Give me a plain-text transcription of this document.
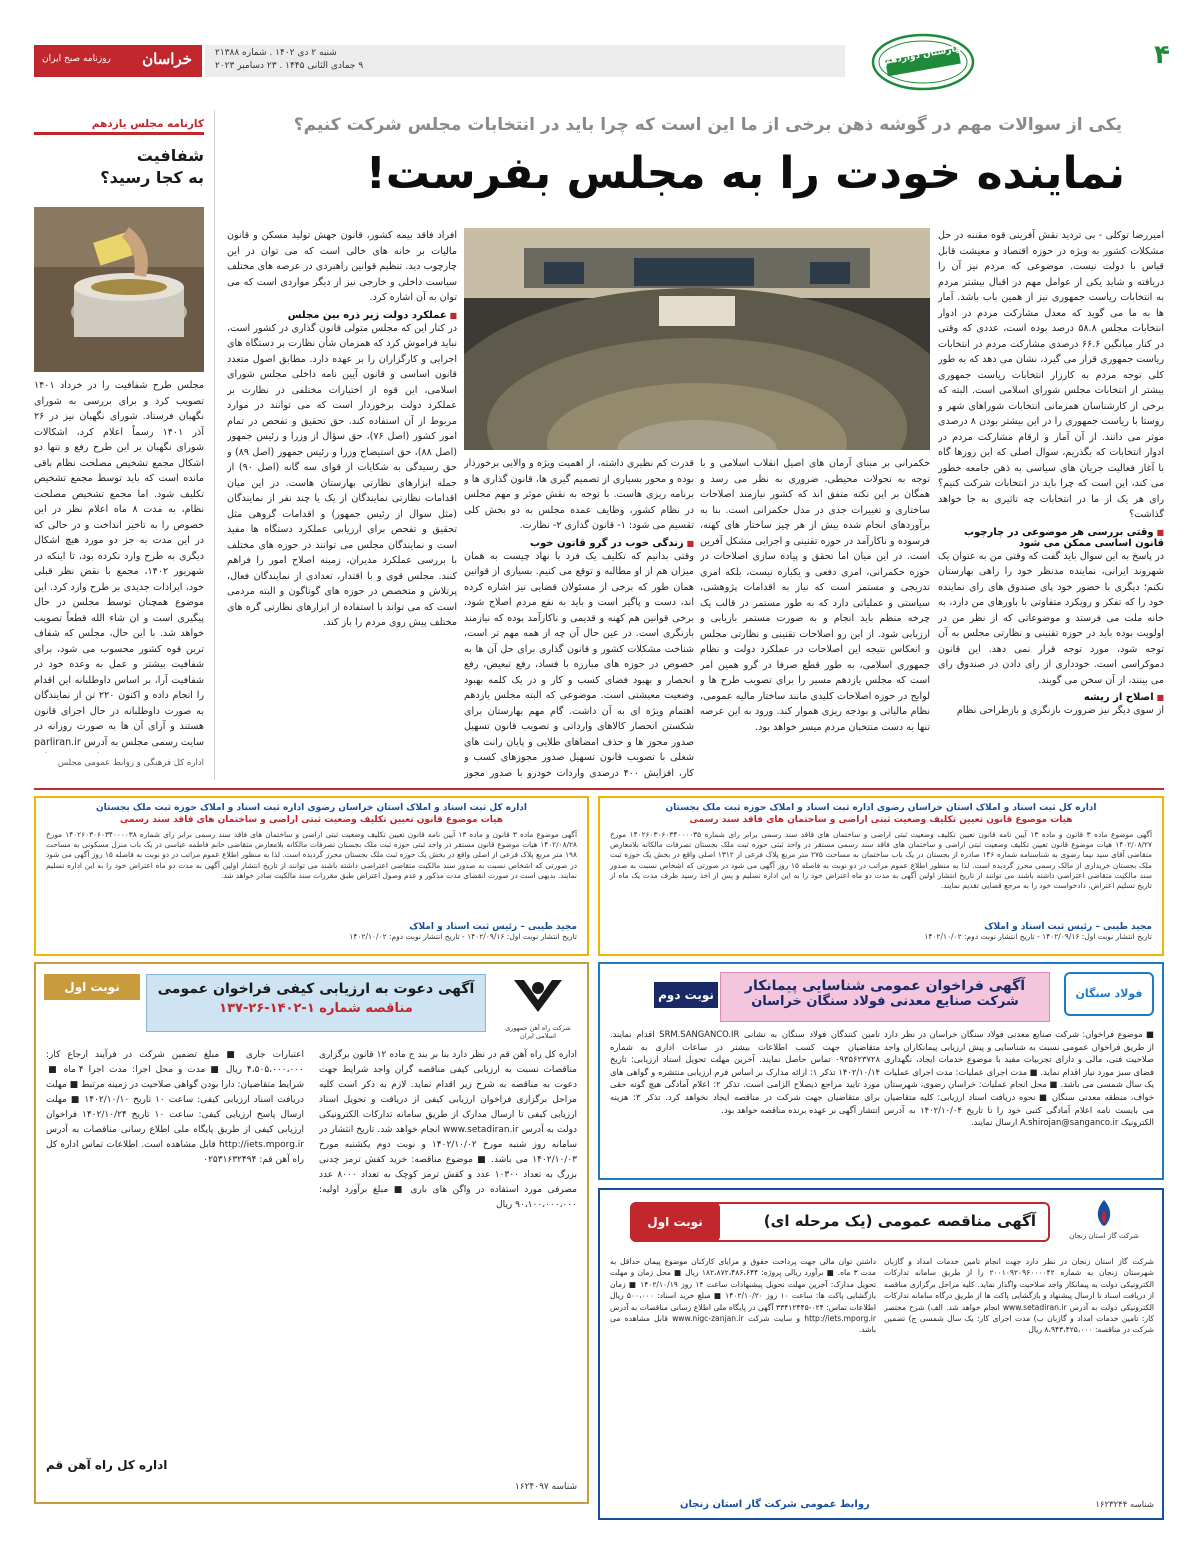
خراسان
روزنامه صبح ایران
شنبه ۲ دی ۱۴۰۲ . شماره ۲۱۳۸۸
۹ جمادی الثانی ۱۴۴۵ . ۲۳ دسامبر ۲۰۲۳	بهارستان دوازدهم	۴
یکی از سوالات مهم در گوشه ذهن برخی از ما این است که چرا باید در انتخابات مجلس شرکت کنیم؟
نماینده خودت را به مجلس بفرست!
کارنامه مجلس یازدهم
شفافیت
به کجا رسید؟
مجلس طرح شفافیت را در خرداد ۱۴۰۱ تصویب کرد و برای بررسی به شورای نگهبان فرستاد. شورای نگهبان نیز در ۲۶ آذر ۱۴۰۱ رسماً اعلام کرد، اشکالات شورای نگهبان بر این طرح رفع و تنها دو اشکال مجمع تشخیص مصلحت نظام باقی مانده است که باید توسط مجمع تشخیص تکلیف شود. اما مجمع تشخیص مصلحت نظام، به مدت ۸ ماه اعلام نظر در این خصوص را به تاخیر انداخت و در حالی که در این مدت به جز دو مورد هیچ اشکال دیگری به طرح وارد نکرده بود، تا اینکه در شهریور ۱۴۰۲، مجمع با نقض نظر قبلی خود، ایرادات جدیدی بر طرح وارد کرد. این موضوع همچنان توسط مجلس در حال پیگیری است و ان شاء الله قطعاً تصویب خواهد شد. با این حال، مجلس که شفاف ترین قوه کشور محسوب می شود، برای شفافیت بیشتر و عمل به وعده خود در شفافیت آرا، بر اساس داوطلبانه این اقدام را انجام داده و اکنون ۲۲۰ تن از نمایندگان به صورت داوطلبانه در حال اجرای قانون هستند و آرای آن ها به صورت روزانه در سایت رسمی مجلس به آدرس parliran.ir
اداره کل فرهنگی و روابط عمومی مجلس
امیررضا توکلی - بی تردید نقش آفرینی قوه مقننه در حل مشکلات کشور به ویژه در حوزه اقتصاد و معیشت قابل قیاس با دولت نیست. موضوعی که مردم نیز آن را دریافته و شاید یکی از عوامل مهم در اقبال بیشتر مردم به انتخابات ریاست جمهوری نیز از همین باب باشد. آمار ها به ما می گوید که معدل مشارکت مردم در ادوار انتخابات مجلس ۵۸.۸ درصد بوده است، عددی که وقتی در کنار میانگین ۶۶.۶ درصدی مشارکت مردم در انتخابات ریاست جمهوری قرار می گیرد، نشان می دهد که به طور کلی توجه مردم به کارزار انتخابات ریاست جمهوری بیشتر از انتخابات مجلس شورای اسلامی است. البته که برخی از کارشناسان همزمانی انتخابات شوراهای شهر و روستا با ریاست جمهوری را در این بیشتر بودن ۸ درصدی موثر می دانند. از آن آمار و ارقام مشارکت مردم در ادوار انتخابات که بگذریم، سوال اصلی که این روزها گاه با آغاز فعالیت جریان های سیاسی به ذهن جامعه خطور می کند، این است که چرا باید در انتخابات شرکت کنیم؟ رای هر یک از ما در انتخابات چه تاثیری به جا خواهد گذاشت؟
■ وقتی بررسی هر موضوعی در چارچوب قانون اساسی ممکن می شود
در پاسخ به این سوال باید گفت که وقتی من به عنوان یک شهروند ایرانی، نماینده مدنظر خود را راهی بهارستان نکنم؛ دیگری با حضور خود پای صندوق های رای نماینده خود را که تفکر و رویکرد متفاوتی با باورهای من دارد، به خانه ملت می فرستد و موضوعاتی که از نظر من در اولویت بوده باید در حوزه تقنینی و نظارتی مجلس به آن توجه شود، مورد توجه قرار نمی دهد. این قانون دموکراسی است. خودداری از رای دادن در صندوق رای می بینند، از آن سخن می گویند.
■ اصلاح از ریشه
از سوی دیگر نیز ضرورت بازنگری و بازطراحی نظام
حکمرانی بر مبنای آرمان های اصیل انقلاب اسلامی و با توجه به تحولات محیطی، ضروری به نظر می رسد و همگان بر این نکته متفق اند که کشور نیازمند اصلاحات ساختاری و تغییرات جدی در مدل حکمرانی است. بنا به برآوردهای انجام شده بیش از هر چیز ساختار های کهنه، فرسوده و ناکارآمد در حوزه تقنینی و اجرایی مشکل آفرین است. در این میان اما تحقق و پیاده سازی اصلاحات در حوزه حکمرانی، امری دفعی و یکباره نیست، بلکه امری تدریجی و مستمر است که نیاز به اقدامات پژوهشی، سیاستی و عملیاتی دارد که به طور مستمر در قالب یک چرخه منظم باید انجام و به صورت مستمر بازیابی و ارزیابی شود. از این رو اصلاحات تقنینی و نظارتی مجلس و انعکاس نتیجه این اصلاحات در عملکرد دولت و نظام جمهوری اسلامی، به طور قطع صرفا در گرو همین امر است که مجلس یازدهم مسیر را برای تصویب طرح ها و لوایح در حوزه اصلاحات کلیدی مانند ساختار مالیه عمومی، نظام مالیاتی و بودجه ریزی هموار کند. ورود به این عرصه تنها به دست منتخبان مردم میسر خواهد بود.
قدرت کم نظیری داشته، از اهمیت ویژه و والایی برخوردار بوده و محور بسیاری از تصمیم گیری ها، قانون گذاری ها و برنامه ریزی هاست. با توجه به نقش موثر و مهم مجلس در نظام کشور، وظایف عمده مجلس به دو بخش کلی تقسیم می شود: ۱- قانون گذاری ۲- نظارت.
■ زندگی خوب در گرو قانون خوب
وقتی بدانیم که تکلیف یک فرد با نهاد چیست به همان میزان هم از او مطالبه و توقع می کنیم. بسیاری از قوانین همان طور که برخی از مسئولان قضایی نیز اشاره کرده اند، دست و پاگیر است و باید به نفع مردم اصلاح شود. برخی قوانین هم کهنه و قدیمی و ناکارآمد بوده که نیازمند بازنگری است. در عین حال آن چه از همه مهم تر است، شناخت مشکلات کشور و قانون گذاری برای حل آن ها به خصوص در حوزه های مبارزه با فساد، رفع تبعیض، رفع انحصار و بهبود فضای کسب و کار و در یک کلمه بهبود وضعیت معیشتی است. موضوعی که البته مجلس یازدهم اهتمام ویژه ای به آن داشت. گام مهم بهارستان برای شکستن انحصار کالاهای وارداتی و تصویب قانون تسهیل صدور مجوز ها و حذف امضاهای طلایی و پایان رانت های شغلی با تصویب قانون تسهیل صدور مجوزهای کسب و کار، افزایش ۴۰۰ درصدی واردات خودرو با صدور مجوز
افراد فاقد بیمه کشور، قانون جهش تولید مسکن و قانون مالیات بر خانه های خالی است که می توان در این چارچوب دید. تنظیم قوانین راهبردی در عرصه های مختلف سیاست داخلی و خارجی نیز از دیگر مواردی است که می توان به آن اشاره کرد.
■ عملکرد دولت زیر ذره بین مجلس
در کنار این که مجلس متولی قانون گذاری در کشور است، نباید فراموش کرد که همزمان شأن نظارت بر دستگاه های اجرایی و کارگزاران را بر عهده دارد. مطابق اصول متعدد قانون اساسی و قانون آیین نامه داخلی مجلس شورای اسلامی، این قوه از اختیارات مختلفی در نظارت بر عملکرد دولت برخوردار است که می توانند در موارد مربوط از آن استفاده کند. حق تحقیق و تفحص در تمام امور کشور (اصل ۷۶)، حق سؤال از وزرا و رئیس جمهور (اصل ۸۸)، حق استیضاح وزرا و رئیس جمهور (اصل ۸۹) و حق رسیدگی به شکایات از قوای سه گانه (اصل ۹۰) از جمله ابزارهای نظارتی بهارستان هاست. در این میان اقدامات نظارتی نمایندگان از یک یا چند نفر از نمایندگان (مثل سوال از رئیس جمهور) و اقدامات گروهی مثل تحقیق و تفحص برای ارزیابی عملکرد دستگاه ها مفید است و نمایندگان مجلس می توانند در حوزه های مختلف با بررسی عملکرد مدیران، زمینه اصلاح امور را فراهم کنند. مجلس قوی و با اقتدار، تعدادی از نمایندگان فعال، پرتلاش و متخصص در حوزه های گوناگون و البته مردمی است که می تواند با استفاده از ابزارهای نظارتی گره های مختلف پیش روی مردم را باز کند.
اداره کل ثبت اسناد و املاک استان خراسان رضوی اداره ثبت اسناد و املاک حوزه ثبت ملک بجستان
هیات موضوع قانون تعیین تکلیف وضعیت ثبتی اراضی و ساختمان های فاقد سند رسمی
آگهی موضوع ماده ۳ قانون و ماده ۱۳ آیین نامه قانون تعیین تکلیف وضعیت ثبتی اراضی و ساختمان های فاقد سند رسمی برابر رای شماره ۱۴۰۲۶۰۳۰۶۰۳۴۰۰۰۰۳۵ مورخ ۱۴۰۲/۰۸/۲۷ هیات موضوع قانون تعیین تکلیف وضعیت ثبتی اراضی و ساختمان های فاقد سند رسمی مستقر در واحد ثبتی حوزه ثبت ملک بجستان تصرفات مالکانه بلامعارض متقاضی آقای سید نیما رضوی به شناسنامه شماره ۱۴۶ صادره از بجستان در یک باب ساختمان به مساحت ۲۷۵ متر مربع پلاک فرعی از ۱۳۱۲ اصلی واقع در بخش یک حوزه ثبت ملک بجستان خریداری از مالک رسمی محرز گردیده است. لذا به منظور اطلاع عموم مراتب در دو نوبت به فاصله ۱۵ روز آگهی می شود در صورتی که اشخاص نسبت به صدور سند مالکیت متقاضی اعتراضی داشته باشند می توانند از تاریخ انتشار اولین آگهی به مدت دو ماه اعتراض خود را به این اداره تسلیم و پس از اخذ رسید ظرف مدت یک ماه از تاریخ تسلیم اعتراض، دادخواست خود را به مرجع قضایی تقدیم نمایند.
مجید طیبی – رئیس ثبت اسناد و املاک
تاریخ انتشار نوبت اول: ۱۴۰۲/۰۹/۱۶ - تاریخ انتشار نوبت دوم: ۱۴۰۲/۱۰/۰۲
اداره کل ثبت اسناد و املاک استان خراسان رضوی اداره ثبت اسناد و املاک حوزه ثبت ملک بجستان
هیات موضوع قانون تعیین تکلیف وضعیت ثبتی اراضی و ساختمان های فاقد سند رسمی
آگهی موضوع ماده ۳ قانون و ماده ۱۳ آیین نامه قانون تعیین تکلیف وضعیت ثبتی اراضی و ساختمان های فاقد سند رسمی برابر رای شماره ۱۴۰۲۶۰۳۰۶۰۳۴۰۰۰۰۳۸ مورخ ۱۴۰۲/۰۸/۲۸ هیات موضوع قانون مستقر در واحد ثبتی حوزه ثبت ملک بجستان تصرفات مالکانه بلامعارض متقاضی خانم فاطمه عباسی در یک باب منزل مسکونی به مساحت ۱۹۸ متر مربع پلاک فرعی از اصلی واقع در بخش یک حوزه ثبت ملک بجستان محرز گردیده است. لذا به منظور اطلاع عموم مراتب در دو نوبت به فاصله ۱۵ روز آگهی می شود در صورتی که اشخاص نسبت به صدور سند مالکیت متقاضی اعتراضی داشته باشند می توانند از تاریخ انتشار اولین آگهی به مدت دو ماه اعتراض خود را به این اداره تسلیم نمایند. بدیهی است در صورت انقضای مدت مذکور و عدم وصول اعتراض طبق مقررات سند مالکیت صادر خواهد شد.
مجید طیبی – رئیس ثبت اسناد و املاک
تاریخ انتشار نوبت اول: ۱۴۰۲/۰۹/۱۶ - تاریخ انتشار نوبت دوم: ۱۴۰۲/۱۰/۰۲
فولاد سنگان
آگهی فراخوان عمومی شناسایی پیمانکار
شرکت صنایع معدنی فولاد سنگان خراسان
نوبت دوم
■ موضوع فراخوان: شرکت صنایع معدنی فولاد سنگان خراسان در نظر دارد از طریق فراخوان عمومی نسبت به شناسایی و پیش ارزیابی پیمانکاران واجد صلاحیت فنی، مالی و دارای تجربیات مفید با موضوع خدمات ایجاد، نگهداری فضای سبز مورد نیاز اقدام نماید. ■ مدت اجرای عملیات: مدت اجرای عملیات یک سال شمسی می باشد. ■ محل انجام عملیات: خراسان رضوی، شهرستان خواف، منطقه معدنی سنگان ■ نحوه دریافت اسناد ارزیابی: کلیه متقاضیان می بایست نامه اعلام آمادگی کتبی خود را تا تاریخ ۱۴۰۲/۱۰/۰۴ به آدرس الکترونیک A.shirojan@sanganco.ir ارسال نمایند.
تامین کنندگان فولاد سنگان به نشانی SRM.SANGANCO.IR اقدام نمایند. متقاضیان جهت کسب اطلاعات بیشتر در ساعات اداری به شماره ۰۹۳۵۶۲۳۷۲۸ تماس حاصل نمایند. آخرین مهلت تحویل اسناد ارزیابی: تاریخ ۱۴۰۲/۱۰/۱۴ تذکر ۱: ارائه مدارک بر اساس فرم ارزیابی منتشره و گواهی های مورد تایید مراجع ذیصلاح الزامی است. تذکر ۲: اعلام آمادگی هیچ گونه حقی برای متقاضیان جهت شرکت در مناقصه ایجاد نخواهد کرد. تذکر ۳: هزینه انتشار آگهی بر عهده برنده مناقصه خواهد بود.
شرکت راه آهن جمهوری اسلامی ایران
آگهی دعوت به ارزیابی کیفی فراخوان عمومی
مناقصه شماره ۱-۱۴۰۲-۲۶-۱۳۷
نوبت اول
اداره کل راه آهن قم در نظر دارد بنا بر بند ج ماده ۱۲ قانون برگزاری مناقصات نسبت به ارزیابی کیفی مناقصه گران واجد شرایط جهت دعوت به مناقصه به شرح زیر اقدام نماید. لازم به ذکر است کلیه مراحل برگزاری فراخوان ارزیابی کیفی از دریافت و تحویل اسناد ارزیابی کیفی تا ارسال مدارک از طریق سامانه تدارکات الکترونیکی دولت به آدرس www.setadiran.ir انجام خواهد شد. تاریخ انتشار در سامانه روز شنبه مورخ ۱۴۰۲/۱۰/۰۲ و نوبت دوم یکشنبه مورخ ۱۴۰۲/۱۰/۰۳ می باشد. ■ موضوع مناقصه: خرید کفش ترمز چدنی بزرگ به تعداد ۱۰۳۰۰ عدد و کفش ترمز کوچک به تعداد ۸۰۰۰ عدد مصرفی مورد استفاده در واگن های باری ■ مبلغ برآورد اولیه: ۹۰،۱۰۰،۰۰۰،۰۰۰ ریال
اعتبارات جاری ■ مبلغ تضمین شرکت در فرآیند ارجاع کار: ۴،۵۰۵،۰۰۰،۰۰۰ ریال ■ مدت و محل اجرا: مدت اجرا ۴ ماه ■ شرایط متقاضیان: دارا بودن گواهی صلاحیت در زمینه مرتبط ■ مهلت دریافت اسناد ارزیابی کیفی: ساعت ۱۰ تاریخ ۱۴۰۲/۱۰/۱۰ ■ مهلت ارسال پاسخ ارزیابی کیفی: ساعت ۱۰ تاریخ ۱۴۰۲/۱۰/۲۴ فراخوان ارزیابی کیفی از طریق پایگاه ملی اطلاع رسانی مناقصات به آدرس http://iets.mporg.ir قابل مشاهده است. اطلاعات تماس اداره کل راه آهن قم: ۰۲۵۳۱۶۳۲۴۹۴
اداره کل راه آهن قم
شناسه ۱۶۲۴۰۹۷
شرکت گاز استان زنجان
آگهی مناقصه عمومی (یک مرحله ای)
نوبت اول
شرکت گاز استان زنجان در نظر دارد جهت انجام تامین خدمات امداد و گازبان شهرستان زنجان به شماره ۲۰۰۱۰۹۲۰۹۶۰۰۰۰۴۲ را از طریق سامانه تدارکات الکترونیکی دولت به پیمانکار واجد صلاحیت واگذار نماید. کلیه مراحل برگزاری مناقصه از دریافت اسناد تا ارسال پیشنهاد و بازگشایی پاکت ها از طریق درگاه سامانه تدارکات الکترونیکی دولت به آدرس www.setadiran.ir انجام خواهد شد. الف) شرح مختصر کار: تامین خدمات امداد و گازبان ب) مدت اجرای کار: یک سال شمسی ج) تضمین شرکت در مناقصه: ۸،۹۴۳،۴۲۵،۰۰۰ ریال
داشتن توان مالی جهت پرداخت حقوق و مزایای کارکنان موضوع پیمان حداقل به مدت ۳ ماه. ■ برآورد ریالی پروژه: ۱۸۲،۸۷۲،۴۸۶،۶۴۴ ریال ■ محل زمان و مهلت تحویل مدارک: آخرین مهلت تحویل پیشنهادات ساعت ۱۴ روز ۱۴۰۲/۱۰/۱۹ ■ زمان بازگشایی پاکت ها: ساعت ۱۰ روز ۱۴۰۲/۱۰/۲۰ ■ مبلغ خرید اسناد: ۵۰۰،۰۰۰ ریال اطلاعات تماس: ۰۲۴-۳۳۴۱۲۴۴۵ آگهی در پایگاه ملی اطلاع رسانی مناقصات به آدرس http://iets.mporg.ir و سایت شرکت www.nigc-zanjan.ir قابل مشاهده می باشد.
روابط عمومی شرکت گاز استان زنجان	شناسه ۱۶۲۳۲۴۴
